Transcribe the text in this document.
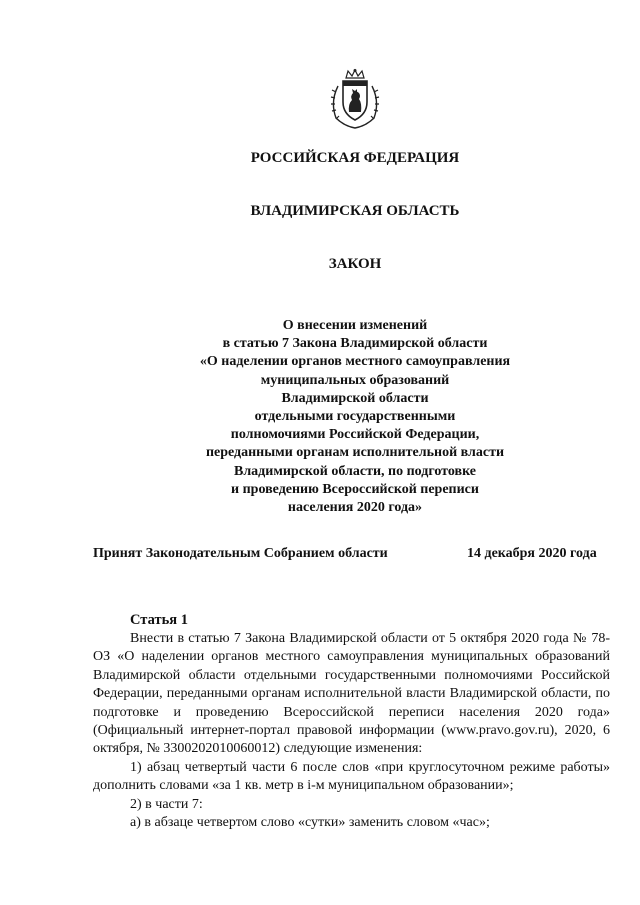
РОССИЙСКАЯ ФЕДЕРАЦИЯ
ВЛАДИМИРСКАЯ ОБЛАСТЬ
ЗАКОН
О внесении изменений
в статью 7 Закона Владимирской области
«О наделении органов местного самоуправления
муниципальных образований
Владимирской области
отдельными государственными
полномочиями Российской Федерации,
переданными органам исполнительной власти
Владимирской области, по подготовке
и проведению Всероссийской переписи
населения 2020 года»
Принят Законодательным Собранием области	14 декабря 2020 года
Статья 1

Внести в статью 7 Закона Владимирской области от 5 октября 2020 года № 78-ОЗ «О наделении органов местного самоуправления муниципальных образований Владимирской области отдельными государственными полномочиями Российской Федерации, переданными органам исполнительной власти Владимирской области, по подготовке и проведению Всероссийской переписи населения 2020 года» (Официальный интернет-портал правовой информации (www.pravo.gov.ru), 2020, 6 октября, № 3300202010060012) следующие изменения:

1) абзац четвертый части 6 после слов «при круглосуточном режиме работы» дополнить словами «за 1 кв. метр в i-м муниципальном образовании»;

2) в части 7:

а) в абзаце четвертом слово «сутки» заменить словом «час»;
